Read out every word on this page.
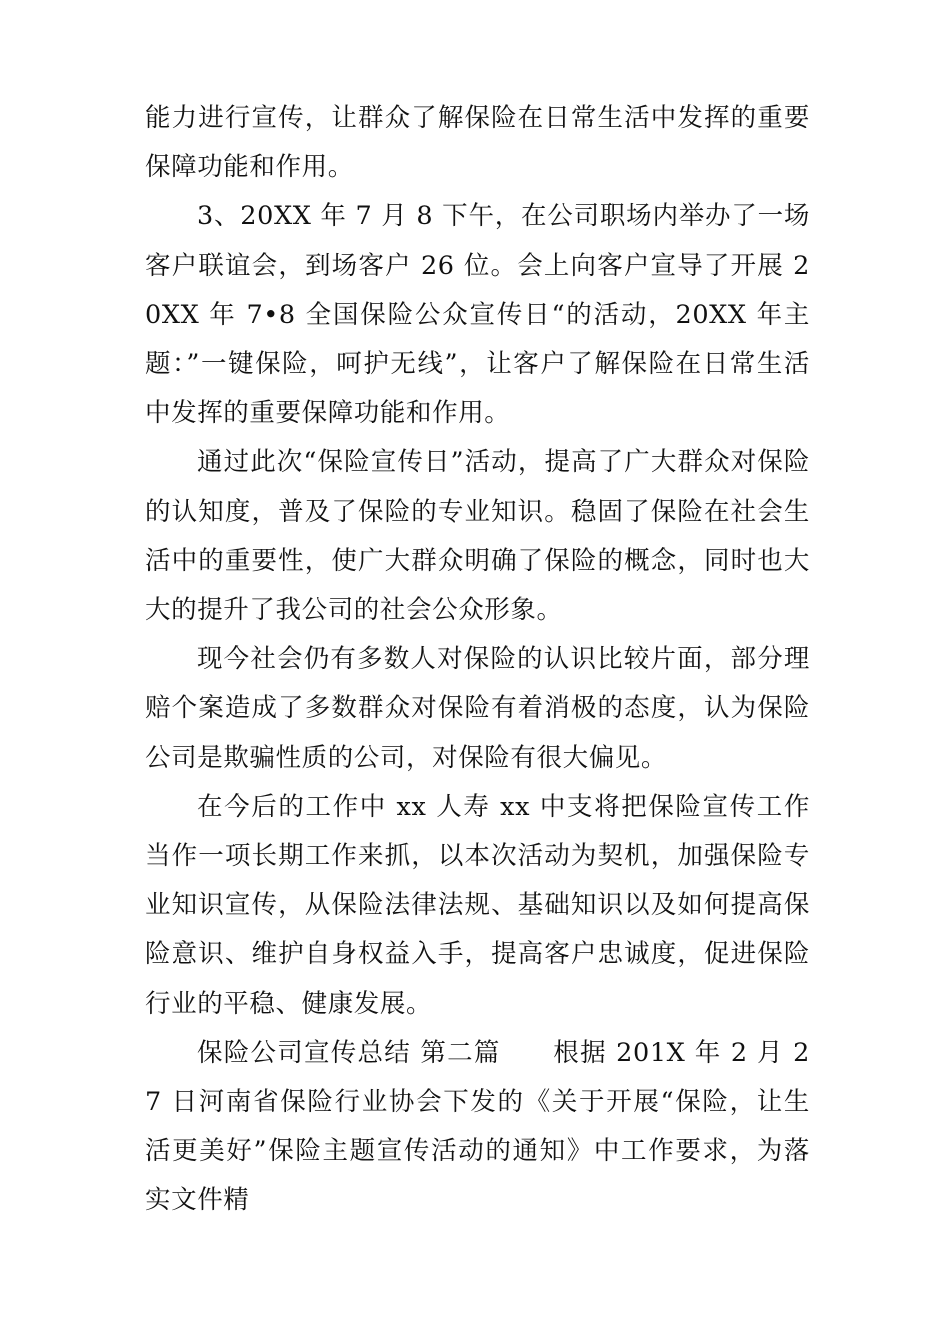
能力进行宣传，让群众了解保险在日常生活中发挥的重要保障功能和作用。

3、20XX 年 7 月 8 下午，在公司职场内举办了一场客户联谊会，到场客户 26 位。会上向客户宣导了开展 20XX 年 7•8 全国保险公众宣传日“的活动，20XX 年主题：”一键保险，呵护无线”，让客户了解保险在日常生活中发挥的重要保障功能和作用。

通过此次“保险宣传日”活动，提高了广大群众对保险的认知度，普及了保险的专业知识。稳固了保险在社会生活中的重要性，使广大群众明确了保险的概念，同时也大大的提升了我公司的社会公众形象。

现今社会仍有多数人对保险的认识比较片面，部分理赔个案造成了多数群众对保险有着消极的态度，认为保险公司是欺骗性质的公司，对保险有很大偏见。

在今后的工作中 xx 人寿 xx 中支将把保险宣传工作当作一项长期工作来抓，以本次活动为契机，加强保险专业知识宣传，从保险法律法规、基础知识以及如何提高保险意识、维护自身权益入手，提高客户忠诚度，促进保险行业的平稳、健康发展。

保险公司宣传总结 第二篇 根据 201X 年 2 月 27 日河南省保险行业协会下发的《关于开展“保险，让生活更美好”保险主题宣传活动的通知》中工作要求，为落实文件精
